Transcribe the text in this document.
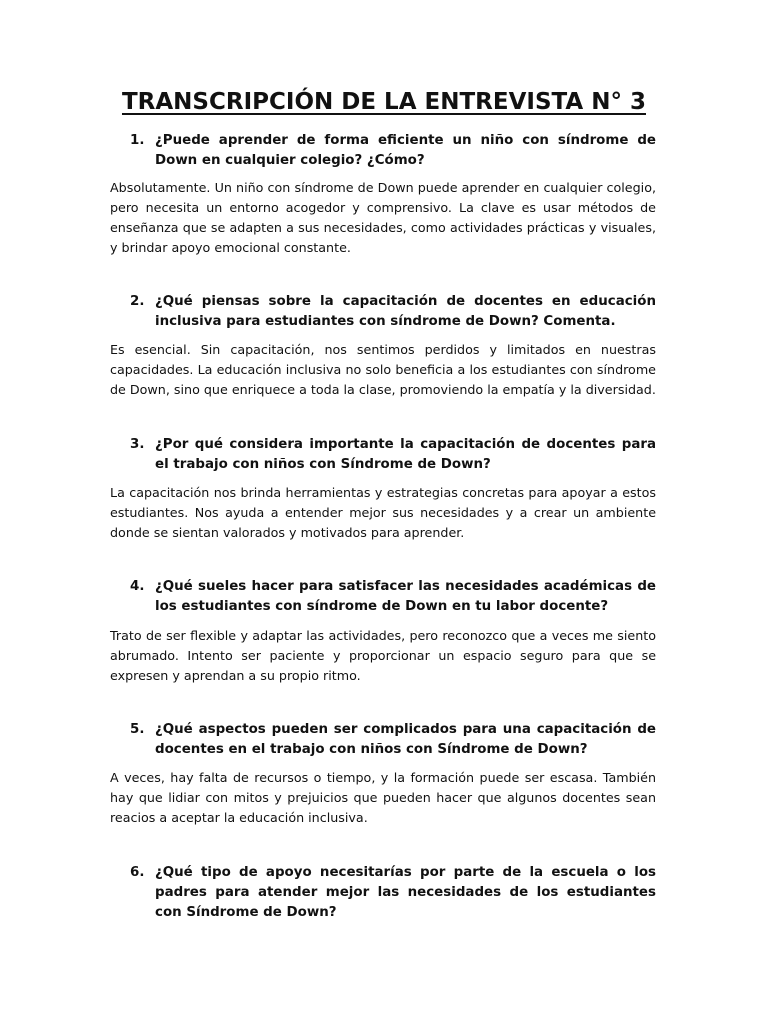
TRANSCRIPCIÓN DE LA ENTREVISTA N° 3
1. ¿Puede aprender de forma eficiente un niño con síndrome de Down en cualquier colegio? ¿Cómo?

Absolutamente. Un niño con síndrome de Down puede aprender en cualquier colegio, pero necesita un entorno acogedor y comprensivo. La clave es usar métodos de enseñanza que se adapten a sus necesidades, como actividades prácticas y visuales, y brindar apoyo emocional constante.

2. ¿Qué piensas sobre la capacitación de docentes en educación inclusiva para estudiantes con síndrome de Down? Comenta.

Es esencial. Sin capacitación, nos sentimos perdidos y limitados en nuestras capacidades. La educación inclusiva no solo beneficia a los estudiantes con síndrome de Down, sino que enriquece a toda la clase, promoviendo la empatía y la diversidad.

3. ¿Por qué considera importante la capacitación de docentes para el trabajo con niños con Síndrome de Down?

La capacitación nos brinda herramientas y estrategias concretas para apoyar a estos estudiantes. Nos ayuda a entender mejor sus necesidades y a crear un ambiente donde se sientan valorados y motivados para aprender.

4. ¿Qué sueles hacer para satisfacer las necesidades académicas de los estudiantes con síndrome de Down en tu labor docente?

Trato de ser flexible y adaptar las actividades, pero reconozco que a veces me siento abrumado. Intento ser paciente y proporcionar un espacio seguro para que se expresen y aprendan a su propio ritmo.

5. ¿Qué aspectos pueden ser complicados para una capacitación de docentes en el trabajo con niños con Síndrome de Down?

A veces, hay falta de recursos o tiempo, y la formación puede ser escasa. También hay que lidiar con mitos y prejuicios que pueden hacer que algunos docentes sean reacios a aceptar la educación inclusiva.

6. ¿Qué tipo de apoyo necesitarías por parte de la escuela o los padres para atender mejor las necesidades de los estudiantes con Síndrome de Down?
